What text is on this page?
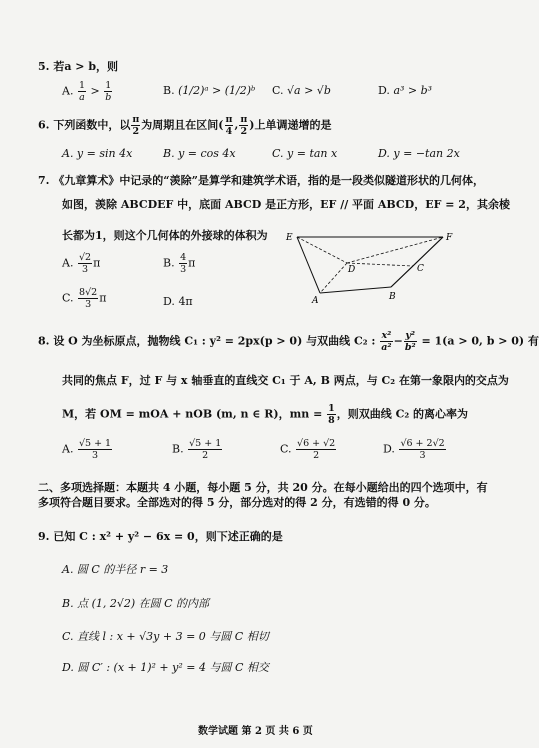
5. 若a > b，则
A. $\frac{1}{a} > \frac{1}{b}$	B. (1/2)ᵃ > (1/2)ᵇ C. √a > √b	D. a³ > b³
6. 下列函数中，以 $\frac{\pi}{2}$ 为周期且在区间( $\frac{\pi}{4}$ , $\frac{\pi}{2}$ )上单调递增的是
A. y = sin 4x	B. y = cos 4x	C. y = tan x	D. y = −tan 2x
7. 《九章算术》中记录的“羡除”是算学和建筑学术语，指的是一段类似隧道形状的几何体，
如图，羡除 ABCDEF 中，底面 ABCD 是正方形，EF // 平面 ABCD，EF = 2，其余棱
长都为1，则这个几何体的外接球的体积为
A. $\frac{√2}{3}$ π	B. $\frac{4}{3}$ π
C. $\frac{8√2}{3}$ π	D. 4π
E	F
D	C
A	B
8. 设 O 为坐标原点，抛物线 C₁ : y² = 2px(p > 0) 与双曲线 C₂ : $\frac{\text{x²}}{\text{a²}} - \frac{\text{y²}}{\text{b²}} = 1(a > 0$, b > 0) 有
共同的焦点 F，过 F 与 x 轴垂直的直线交 C₁ 于 A, B 两点，与 C₂ 在第一象限内的交点为
M，若 OM = mOA + nOB (m, n ∈ R)，mn = $\frac{1}{8}$ ，则双曲线 C₂ 的离心率为
A. $\frac{√5 + 1}{3}$	B. $\frac{√5 + 1}{2}$	C. $\frac{√6 + √2}{2}$	D. $\frac{√6 + 2√2}{3}$
二、多项选择题：本题共 4 小题，每小题 5 分，共 20 分。在每小题给出的四个选项中，有多项符合题目要求。全部选对的得 5 分，部分选对的得 2 分，有选错的得 0 分。
9. 已知 C : x² + y² − 6x = 0，则下述正确的是
A. 圆 C 的半径 r = 3
B. 点 (1, 2√2) 在圆 C 的内部
C. 直线 l : x + √3y + 3 = 0 与圆 C 相切
D. 圆 C′ : (x + 1)² + y² = 4 与圆 C 相交
数学试题 第 2 页 共 6 页
